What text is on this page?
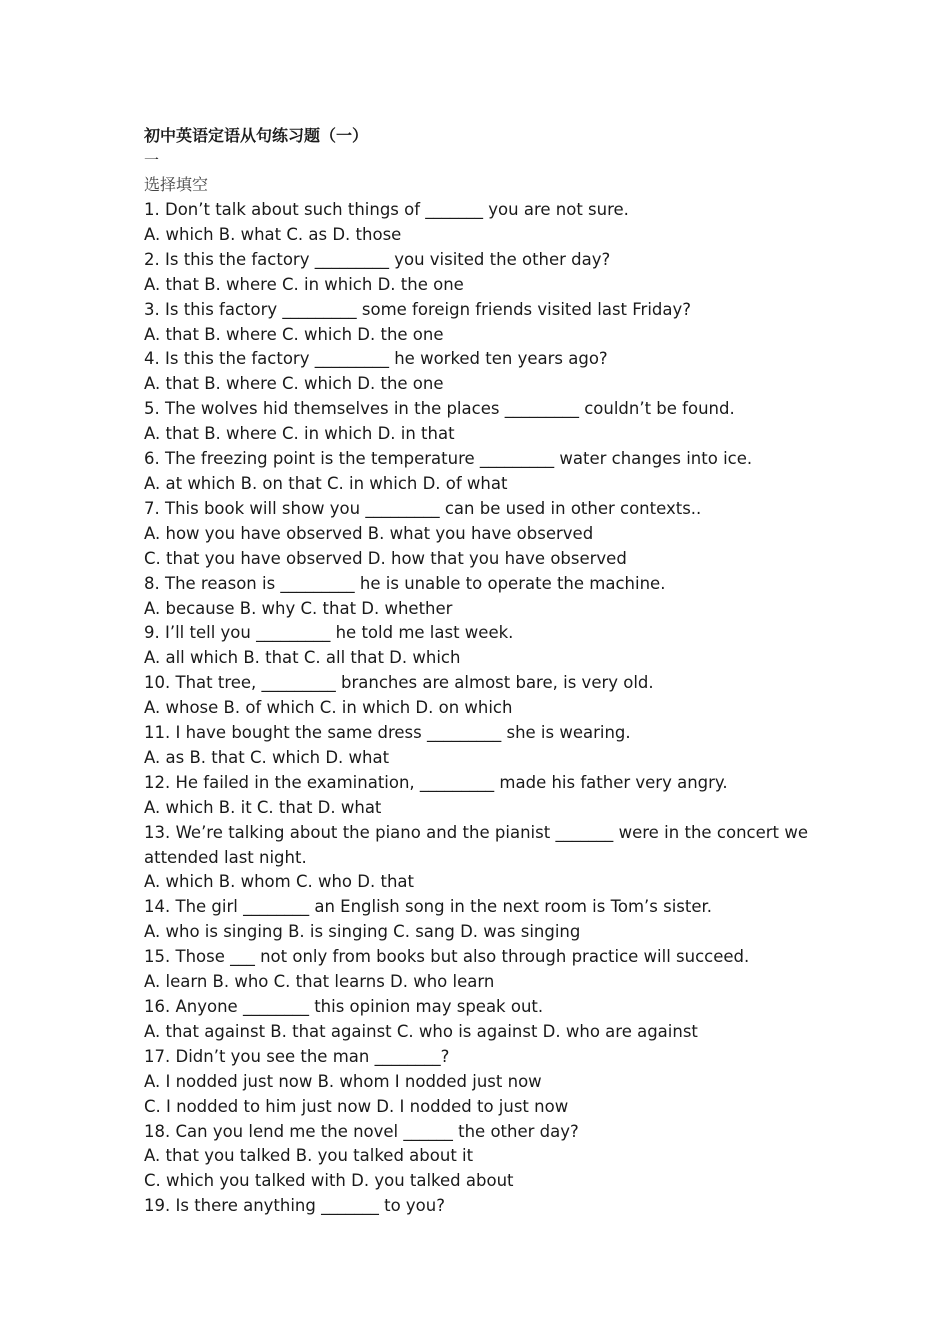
初中英语定语从句练习题（一）
一
选择填空

1. Don’t talk about such things of _______ you are not sure.

A. which B. what C. as D. those

2. Is this the factory _________ you visited the other day?

A. that B. where C. in which D. the one

3. Is this factory _________ some foreign friends visited last Friday?

A. that B. where C. which D. the one

4. Is this the factory _________ he worked ten years ago?

A. that B. where C. which D. the one

5. The wolves hid themselves in the places _________ couldn’t be found.

A. that B. where C. in which D. in that

6. The freezing point is the temperature _________ water changes into ice.

A. at which B. on that C. in which D. of what

7. This book will show you _________ can be used in other contexts..

A. how you have observed B. what you have observed

C. that you have observed D. how that you have observed

8. The reason is _________ he is unable to operate the machine.

A. because B. why C. that D. whether

9. I’ll tell you _________ he told me last week.

A. all which B. that C. all that D. which

10. That tree, _________ branches are almost bare, is very old.

A. whose B. of which C. in which D. on which

11. I have bought the same dress _________ she is wearing.

A. as B. that C. which D. what

12. He failed in the examination, _________ made his father very angry.

A. which B. it C. that D. what

13. We’re talking about the piano and the pianist _______ were in the concert we attended last night.

A. which B. whom C. who D. that

14. The girl ________ an English song in the next room is Tom’s sister.

A. who is singing B. is singing C. sang D. was singing

15. Those ___ not only from books but also through practice will succeed.

A. learn B. who C. that learns D. who learn

16. Anyone ________ this opinion may speak out.

A. that against B. that against C. who is against D. who are against

17. Didn’t you see the man ________?

A. I nodded just now B. whom I nodded just now

C. I nodded to him just now D. I nodded to just now

18. Can you lend me the novel ______ the other day?

A. that you talked B. you talked about it

C. which you talked with D. you talked about

19. Is there anything _______ to you?
